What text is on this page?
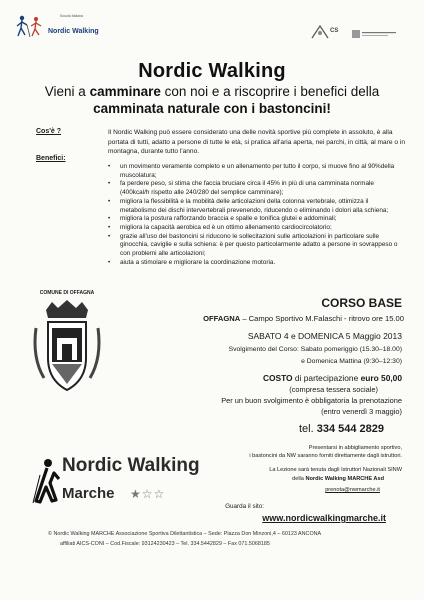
Scuola Italiana
Nordic Walking	CS
Nordic Walking
Vieni a camminare con noi e a riscoprire i benefici della
camminata naturale con i bastoncini!
Cos'è ?	Il Nordic Walking può essere considerato una delle novità sportive più complete in assoluto, è alla portata di tutti, adatto a persone di tutte le età, si pratica all'aria aperta, nei parchi, in città, al mare o in montagna, durante tutto l'anno.
Benefici:
• un movimento veramente completo e un allenamento per tutto il corpo, si muove fino al 90%della muscolatura;
• fa perdere peso, si stima che faccia bruciare circa il 45% in più di una camminata normale (400kcal/h rispetto alle 240/280 del semplice camminare);
• migliora la flessibilità e la mobilità delle articolazioni della colonna vertebrale, ottimizza il metabolismo dei dischi intervertebrali prevenendo, riducendo o eliminando i dolori alla schiena;
• migliora la postura rafforzando braccia e spalle e tonifica glutei e addominali;
• migliora la capacità aerobica ed è un ottimo allenamento cardiocircolatorio;
• grazie all'uso dei bastoncini si riducono le sollecitazioni sulle articolazioni in particolare sulle ginocchia, caviglie e sulla schiena: è per questo particolarmente adatto a persone in sovrappeso o con problemi alle articolazioni;
• aiuta a stimolare e migliorare la coordinazione motoria.
COMUNE DI OFFAGNA
CORSO BASE
OFFAGNA – Campo Sportivo M.Falaschi - ritrovo ore 15.00
SABATO 4 e DOMENICA 5 Maggio 2013
Svolgimento del Corso: Sabato pomeriggio (15.30–18.00)
e Domenica Mattina (9:30–12:30)
COSTO di partecipazione euro 50,00
(compresa tessera sociale)
Per un buon svolgimento è obbligatoria la prenotazione
(entro venerdì 3 maggio)
tel. 334 544 2829
Nordic Walking
Marche ★☆☆
Presentarsi in abbigliamento sportivo,
i bastoncini da NW saranno forniti direttamente dagli istruttori.
La Lezione sarà tenuta dagli Istruttori Nazionali SINW
della Nordic Walking MARCHE Asd
prenota@nwmarche.it
Guarda il sito:
www.nordicwalkingmarche.it
© Nordic Walking MARCHE Associazione Sportiva Dilettantistica – Sede: Piazza Don Minzoni,4 – 60123 ANCONA
affiliati AICS-CONI – Cod.Fiscale: 93124230423 – Tel. 334.5442829 – Fax 071.5068185
